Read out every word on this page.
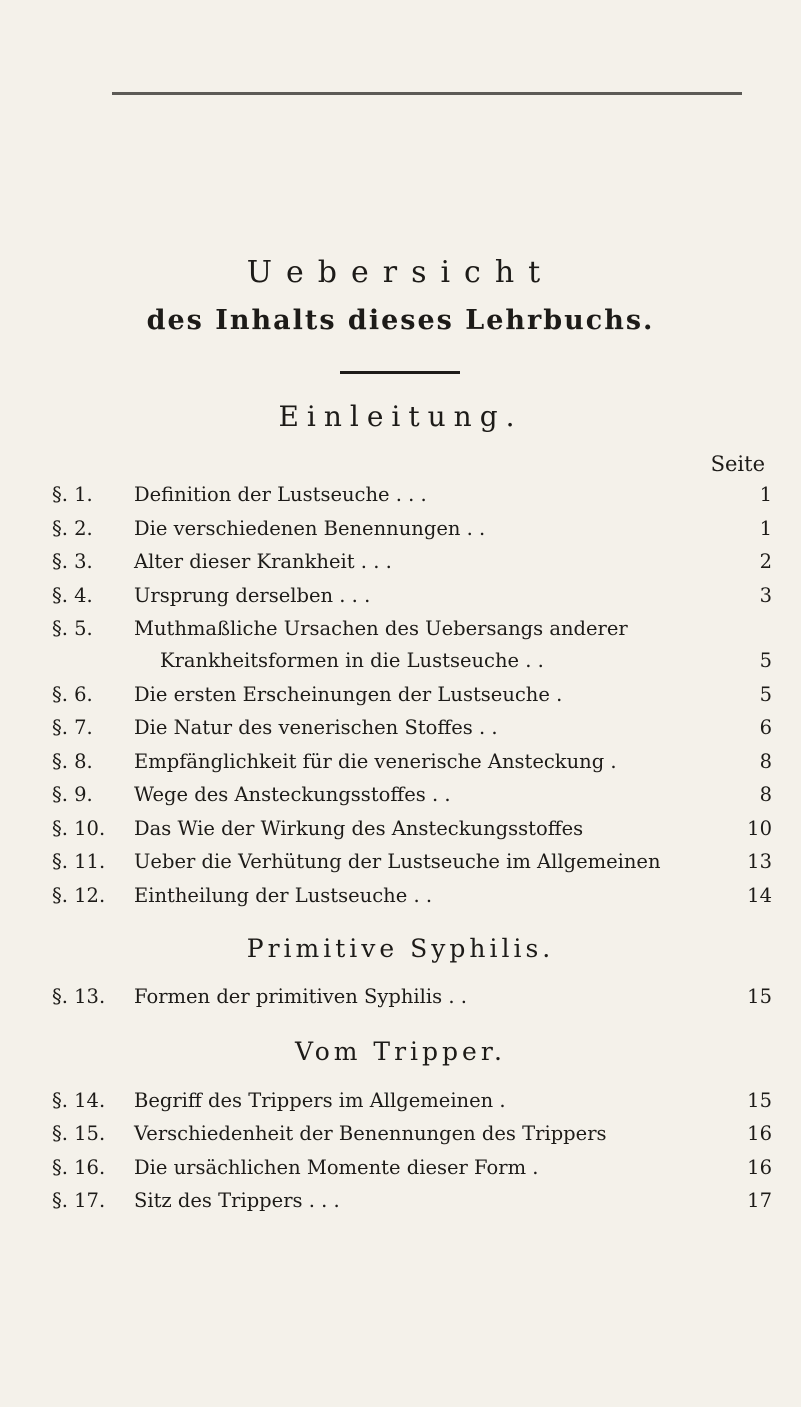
Uebersicht
des Inhalts dieses Lehrbuchs.
Einleitung.
Seite
§. 1.	Definition der Lustseuche . . .	1
§. 2.	Die verschiedenen Benennungen . .	1
§. 3.	Alter dieser Krankheit . . .	2
§. 4.	Ursprung derselben . . .	3
§. 5.	Muthmaßliche Ursachen des Uebersangs anderer
Krankheitsformen in die Lustseuche . .	5
§. 6.	Die ersten Erscheinungen der Lustseuche .	5
§. 7.	Die Natur des venerischen Stoffes . .	6
§. 8.	Empfänglichkeit für die venerische Ansteckung .	8
§. 9.	Wege des Ansteckungsstoffes . .	8
§. 10.	Das Wie der Wirkung des Ansteckungsstoffes	10
§. 11.	Ueber die Verhütung der Lustseuche im Allgemeinen	13
§. 12.	Eintheilung der Lustseuche . .	14
Primitive Syphilis.
§. 13.	Formen der primitiven Syphilis . .	15
Vom Tripper.
§. 14.	Begriff des Trippers im Allgemeinen .	15
§. 15.	Verschiedenheit der Benennungen des Trippers	16
§. 16.	Die ursächlichen Momente dieser Form .	16
§. 17.	Sitz des Trippers . . .	17
